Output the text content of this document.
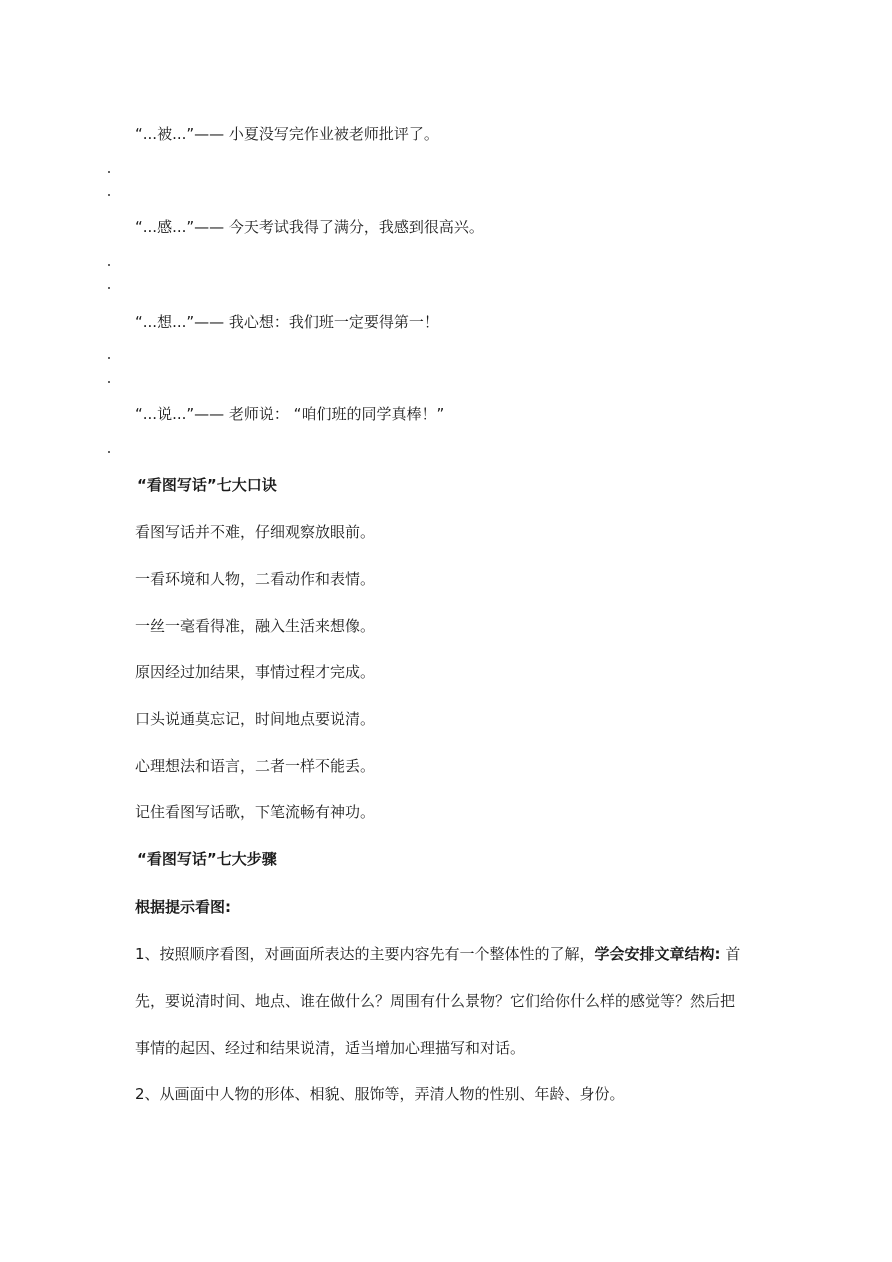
“...被...”—— 小夏没写完作业被老师批评了。
“...感...”—— 今天考试我得了满分，我感到很高兴。
“...想...”—— 我心想：我们班一定要得第一！
“...说...”—— 老师说： “咱们班的同学真棒！”
“看图写话”七大口诀
看图写话并不难，仔细观察放眼前。
一看环境和人物，二看动作和表情。
一丝一毫看得准，融入生活来想像。
原因经过加结果，事情过程才完成。
口头说通莫忘记，时间地点要说清。
心理想法和语言，二者一样不能丢。
记住看图写话歌，下笔流畅有神功。
“看图写话”七大步骤
根据提示看图:
1、按照顺序看图，对画面所表达的主要内容先有一个整体性的了解，学会安排文章结构: 首
先，要说清时间、地点、谁在做什么？周围有什么景物？它们给你什么样的感觉等？然后把
事情的起因、经过和结果说清，适当增加心理描写和对话。
2、从画面中人物的形体、相貌、服饰等，弄清人物的性别、年龄、身份。
